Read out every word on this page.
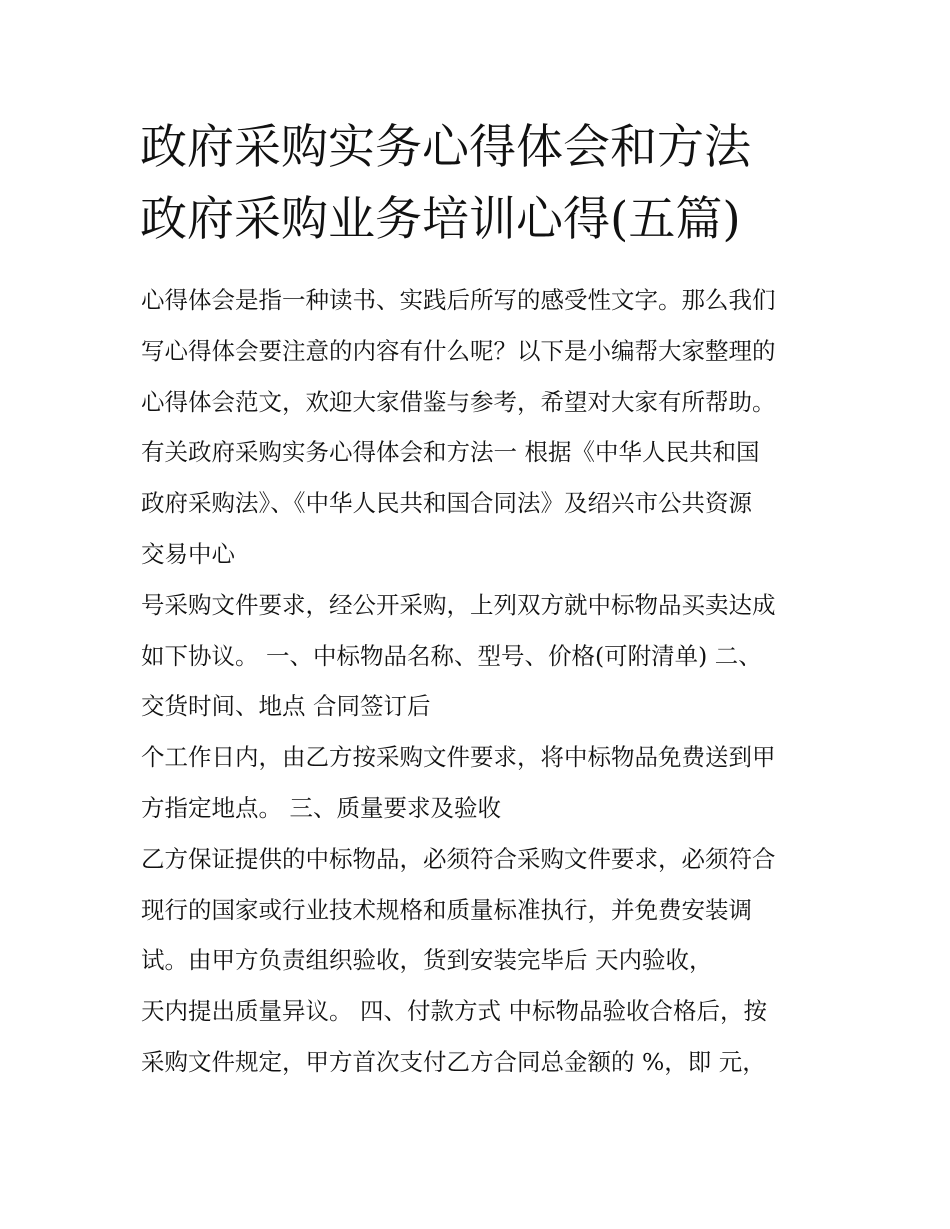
政府采购实务心得体会和方法
政府采购业务培训心得(五篇)

心得体会是指一种读书、实践后所写的感受性文字。那么我们

写心得体会要注意的内容有什么呢？以下是小编帮大家整理的

心得体会范文，欢迎大家借鉴与参考，希望对大家有所帮助。

有关政府采购实务心得体会和方法一 根据《中华人民共和国

政府采购法》、《中华人民共和国合同法》及绍兴市公共资源

交易中心

号采购文件要求，经公开采购，上列双方就中标物品买卖达成

如下协议。 一、中标物品名称、型号、价格(可附清单) 二、

交货时间、地点 合同签订后

个工作日内，由乙方按采购文件要求，将中标物品免费送到甲

方指定地点。 三、质量要求及验收

乙方保证提供的中标物品，必须符合采购文件要求，必须符合

现行的国家或行业技术规格和质量标准执行，并免费安装调

试。由甲方负责组织验收，货到安装完毕后 天内验收，

天内提出质量异议。 四、付款方式 中标物品验收合格后，按

采购文件规定，甲方首次支付乙方合同总金额的 %，即 元，
